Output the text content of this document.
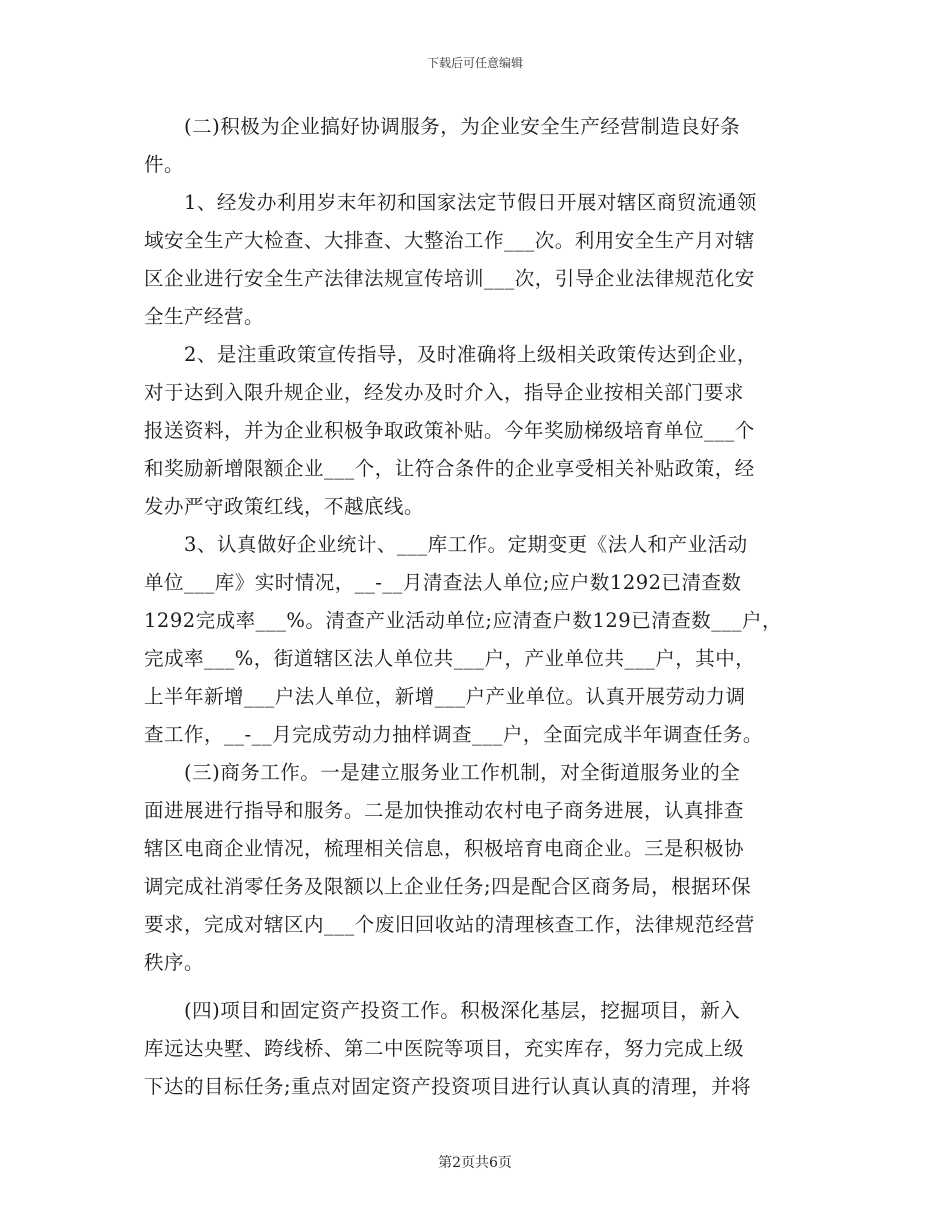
下载后可任意编辑
(二)积极为企业搞好协调服务，为企业安全生产经营制造良好条
件。
1、经发办利用岁末年初和国家法定节假日开展对辖区商贸流通领
域安全生产大检查、大排查、大整治工作___次。利用安全生产月对辖
区企业进行安全生产法律法规宣传培训___次，引导企业法律规范化安
全生产经营。
2、是注重政策宣传指导，及时准确将上级相关政策传达到企业，
对于达到入限升规企业，经发办及时介入，指导企业按相关部门要求
报送资料，并为企业积极争取政策补贴。今年奖励梯级培育单位___个
和奖励新增限额企业___个，让符合条件的企业享受相关补贴政策，经
发办严守政策红线，不越底线。
3、认真做好企业统计、___库工作。定期变更《法人和产业活动
单位___库》实时情况，__-__月清查法人单位;应户数1292已清查数
1292完成率___%。清查产业活动单位;应清查户数129已清查数___户，
完成率___%，街道辖区法人单位共___户，产业单位共___户，其中，
上半年新增___户法人单位，新增___户产业单位。认真开展劳动力调
查工作，__-__月完成劳动力抽样调查___户，全面完成半年调查任务。
(三)商务工作。一是建立服务业工作机制，对全街道服务业的全
面进展进行指导和服务。二是加快推动农村电子商务进展，认真排查
辖区电商企业情况，梳理相关信息，积极培育电商企业。三是积极协
调完成社消零任务及限额以上企业任务;四是配合区商务局，根据环保
要求，完成对辖区内___个废旧回收站的清理核查工作，法律规范经营
秩序。
(四)项目和固定资产投资工作。积极深化基层，挖掘项目，新入
库远达央墅、跨线桥、第二中医院等项目，充实库存，努力完成上级
下达的目标任务;重点对固定资产投资项目进行认真认真的清理，并将
第2页共6页
